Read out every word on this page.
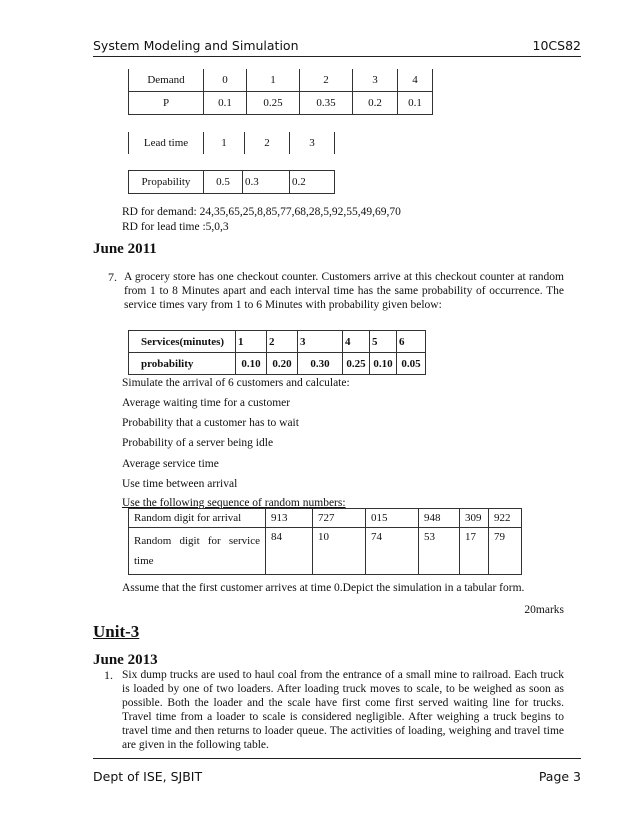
System Modeling and Simulation	10CS82
Demand	0	1	2	3	4
P	0.1	0.25	0.35	0.2	0.1
Lead time	1	2	3
Propability	0.5	0.3	0.2
RD for demand: 24,35,65,25,8,85,77,68,28,5,92,55,49,69,70
RD for lead time :5,0,3
June 2011
7. A grocery store has one checkout counter. Customers arrive at this checkout counter at random from 1 to 8 Minutes apart and each interval time has the same probability of occurrence. The service times vary from 1 to 6 Minutes with probability given below:
Services(minutes)	1	2	3	4	5	6
probability	0.10	0.20	0.30	0.25	0.10	0.05
Simulate the arrival of 6 customers and calculate:
Average waiting time for a customer
Probability that a customer has to wait
Probability of a server being idle
Average service time
Use time between arrival
Use the following sequence of random numbers:
Random digit for arrival	913	727	015	948	309	922
Random digit for service time	84	10	74	53	17	79
Assume that the first customer arrives at time 0.Depict the simulation in a tabular form.
20marks
Unit-3
June 2013
1. Six dump trucks are used to haul coal from the entrance of a small mine to railroad. Each truck is loaded by one of two loaders. After loading truck moves to scale, to be weighed as soon as possible. Both the loader and the scale have first come first served waiting line for trucks. Travel time from a loader to scale is considered negligible. After weighing a truck begins to travel time and then returns to loader queue. The activities of loading, weighing and travel time are given in the following table.
Dept of ISE, SJBIT	Page 3
